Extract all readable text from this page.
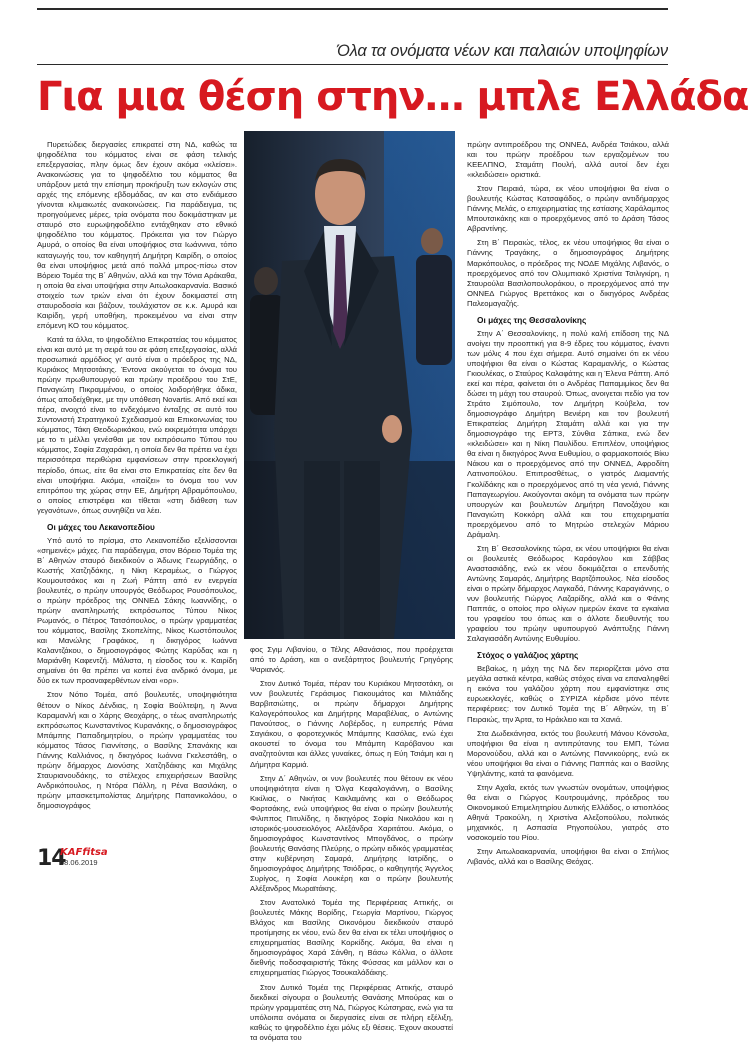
Όλα τα ονόματα νέων και παλαιών υποψηφίων
Για μια θέση στην… μπλε Ελλάδα

Πυρετώδεις διεργασίες επικρατεί στη ΝΔ, καθώς τα ψηφοδέλτια του κόμματος είναι σε φάση τελικής επεξεργασίας, πλην όμως δεν έχουν ακόμα «κλείσει». Ανακοινώσεις για το ψηφοδέλτιο του κόμματος θα υπάρξουν μετά την επίσημη προκήρυξη των εκλογών στις αρχές της επόμενης εβδομάδας, αν και στο ενδιάμεσο γίνονται κλιμακωτές ανακοινώσεις. Για παράδειγμα, τις προηγούμενες μέρες, τρία ονόματα που δοκιμάστηκαν με σταυρό στο ευρωψηφοδέλτιο εντάχθηκαν στο εθνικό ψηφοδέλτιο του κόμματος. Πρόκειται για τον Γιώργο Αμυρά, ο οποίος θα είναι υποψήφιος στα Ιωάννινα, τόπο καταγωγής του, τον καθηγητή Δημήτρη Καιρίδη, ο οποίος θα είναι υποψήφιος μετά από πολλά μπρος-πίσω στον Βόρειο Τομέα της Β΄ Αθηνών, αλλά και την Τόνια Αράκαθα, η οποία θα είναι υποψήφια στην Αιτωλοακαρνανία. Βασικό στοιχείο των τριών είναι ότι έχουν δοκιμαστεί στη σταυροδοσία και βάζουν, τουλάχιστον σε κ.κ. Αμυρά και Καιρίδη, γερή υποθήκη, προκειμένου να είναι στην επόμενη ΚΟ του κόμματος.

Κατά τα άλλα, το ψηφοδέλτιο Επικρατείας του κόμματος είναι και αυτό με τη σειρά του σε φάση επεξεργασίας, αλλά προσωπικά αρμόδιος γι' αυτό είναι ο πρόεδρος της ΝΔ, Κυριάκος Μητσοτάκης. Έντονα ακούγεται το όνομα του πρώην πρωθυπουργού και πρώην προέδρου του ΣτΕ, Παναγιώτη Πικραμμένου, ο οποίος λοιδορήθηκε άδικα, όπως αποδείχθηκε, με την υπόθεση Novartis. Από εκεί και πέρα, ανοιχτό είναι το ενδεχόμενο ένταξης σε αυτό του Συντονιστή Στρατηγικού Σχεδιασμού και Επικοινωνίας του κόμματος, Τάκη Θεοδωρικάκου, ενώ εκκρεμότητα υπάρχει με το τι μέλλει γενέσθαι με τον εκπρόσωπο Τύπου του κόμματος, Σοφία Ζαχαράκη, η οποία δεν θα πρέπει να έχει περισσότερα περιθώρια εμφανίσεων στην προεκλογική περίοδο, όπως, είτε θα είναι στο Επικρατείας είτε δεν θα είναι υποψήφια. Ακόμα, «παίζει» το όνομα του νυν επιτρόπου της χώρας στην ΕΕ, Δημήτρη Αβραμόπουλου, ο οποίος επιστρέφει και τίθεται «στη διάθεση των γεγονότων», όπως συνηθίζει να λέει.

Οι μάχες του Λεκανοπεδίου

Υπό αυτό το πρίσμα, στο Λεκανοπέδιο εξελίσσονται «σημεινές» μάχες. Για παράδειγμα, στον Βόρειο Τομέα της Β΄ Αθηνών σταυρό διεκδικούν ο Άδωνις Γεωργιάδης, ο Κωστής Χατζηδάκης, η Νίκη Κεραμέως, ο Γιώργος Κουμουτσάκος και η Ζωή Ράπτη από εν ενεργεία βουλευτές, ο πρώην υπουργός Θεόδωρος Ρουσόπουλος, ο πρώην πρόεδρος της ΟΝΝΕΔ Σάκης Ιωαννίδης, ο πρώην αναπληρωτής εκπρόσωπος Τύπου Νίκος Ρωμανός, ο Πέτρος Τατσόπουλος, ο πρώην γραμματέας του κόμματος, Βασίλης Σκοπελίτης, Νίκος Κωστόπουλος και Μανώλης Γραφάκος, η δικηγόρος Ιωάννα Καλαντζάκου, ο δημοσιογράφος Φώτης Καρύδας και η Μαριάνθη Καφεντζή. Μάλιστα, η είσοδος του κ. Καιρίδη σημαίνει ότι θα πρέπει να κοπεί ένα ανδρικό όνομα, με δύο εκ των προαναφερθέντων είναι «ορ».

Στον Νότιο Τομέα, από βουλευτές, υποψηφιότητα θέτουν ο Νίκος Δένδιας, η Σοφία Βούλτεψη, η Άννα Καραμανλή και ο Χάρης Θεοχάρης, ο τέως αναπληρωτής εκπρόσωπος Κωνσταντίνος Κυρανάκης, ο δημοσιογράφος Μπάμπης Παπαδημητρίου, ο πρώην γραμματέας του κόμματος Τάσος Γιαννίτσης, ο Βασίλης Σπανάκης και Γιάννης Καλλιάνος, η δικηγόρος Ιωάννα Γκελεστάθη, ο πρώην δήμαρχος Διονύσης Χατζηδάκης και Μιχάλης Σταυριανουδάκης, το στέλεχος επιχειρήσεων Βασίλης Ανδρικόπουλος, η Ντόρα Πάλλη, η Ρένα Βασιλάκη, ο πρώην μπασκετμπολίστας Δημήτρης Παπανικολάου, ο δημοσιογράφος

φος Σγιμ Λιβανίου, ο Τέλης Αθανάσιος, που προέρχεται από το Δράση, και ο ανεξάρτητος βουλευτής Γρηγόρης Ψαριανός.

Στον Δυτικό Τομέα, πέραν του Κυριάκου Μητσοτάκη, οι νυν βουλευτές Γεράσιμος Γιακουμάτος και Μιλτιάδης Βαρβιτσιώτης, οι πρώην δήμαρχοι Δημήτρης Καλογερόπουλος και Δημήτρης Μαραβέλιας, ο Αντώνης Πανούτσος, ο Γιάννης Λοβέρδος, η ευπρεπής Ράνια Σαγιάκου, ο φοροτεχνικός Μπάμπης Κασόλας, ενώ έχει ακουστεί το όνομα του Μπάμπη Καρόβανου και αναζητούνται και άλλες γυναίκες, όπως η Εύη Τσιάμη και η Δήμητρα Καρμιά.

Στην Δ΄ Αθηνών, οι νυν βουλευτές που θέτουν εκ νέου υποψηφιότητα είναι η Όλγα Κεφαλογιάννη, ο Βασίλης Κικίλιας, ο Νικήτας Κακλαμάνης και ο Θεόδωρος Φορτσάκης, ενώ υποψήφιος θα είναι ο πρώην βουλευτής Φιλιππος Πιτυλίδης, η δικηγόρος Σοφία Νικολάου και η ιστορικός-μουσειολόγος Αλεξάνδρα Χαριτάτου. Ακόμα, ο δημοσιογράφος Κωνσταντίνος Μπογδάνος, ο πρώην βουλευτής Θανάσης Πλεύρης, ο πρώην ειδικός γραμματέας στην κυβέρνηση Σαμαρά, Δημήτρης Ιατρίδης, ο δημοσιογράφος Δημήτρης Τσιόδρας, ο καθηγητής Άγγελος Συρίγος, η Σοφία Λουκέρη και ο πρώην βουλευτής Αλέξανδρος Μωραϊτάκης.

Στον Ανατολικό Τομέα της Περιφέρειας Αττικής, οι βουλευτές Μάκης Βορίδης, Γεωργία Μαρτίνου, Γιώργος Βλάχος και Βασίλης Οικονόμου διεκδικούν σταυρό προτίμησης εκ νέου, ενώ δεν θα είναι εκ τέλει υποψήφιος ο επιχειρηματίας Βασίλης Κορκίδης. Ακόμα, θα είναι η δημοσιογράφος Χαρά Σάνθη, η Βάσω Κόλλια, ο άλλοτε διεθνής ποδοσφαιριστής Τάκης Φύσσας και μάλλον και ο επιχειρηματίας Γιώργος Τσουκαλάδάκης.

Στον Δυτικό Τομέα της Περιφέρειας Αττικής, σταυρό διεκδικεί σίγουρα ο βουλευτής Θανάσης Μπούρας και ο πρώην γραμματέας στη ΝΔ, Γιώργος Κώτσηρας, ενώ για τα υπόλοιπα ονόματα οι διεργασίες είναι σε πλήρη εξέλιξη, καθώς το ψηφοδέλτιο έχει μόλις εξι θέσεις. Έχουν ακουστεί τα ονόματα του

πρώην αντιπροέδρου της ΟΝΝΕΔ, Ανδρέα Τσιάκου, αλλά και του πρώην προέδρου των εργαζομένων του ΚΕΕΛΠΝΟ, Σταμάτη Πουλή, αλλά αυτοί δεν έχει «κλειδώσει» οριστικά.

Στον Πειραιά, τώρα, εκ νέου υποψήφιοι θα είναι ο βουλευτής Κώστας Κατσαφάδος, ο πρώην αντιδήμαρχος Γιάννης Μελάς, ο επιχειρηματίας της εστίασης Χαράλαμπος Μπουτσικάκης και ο προερχόμενος από το Δράση Τάσος Αβραντίνης.

Στη Β΄ Πειραιώς, τέλος, εκ νέου υποψήφιος θα είναι ο Γιάννης Τραγάκης, ο δημοσιογράφος Δημήτρης Μαρκόπουλος, ο πρόεδρος της ΝΟΔΕ Μιχάλης Λιβανός, ο προερχόμενος από τον Ολυμπιακό Χριστίνα Τσιλιγκίρη, η Σταυρούλα Βασιλοπουλοράκου, ο προερχόμενος από την ΟΝΝΕΔ Γιώργος Βρεττάκος και ο δικηγόρος Ανδρέας Παλεομαγαζής.

Οι μάχες της Θεσσαλονίκης

Στην Α΄ Θεσσαλονίκης, η πολύ καλή επίδοση της ΝΔ ανοίγει την προοπτική για 8-9 έδρες του κόμματος, έναντι των μόλις 4 που έχει σήμερα. Αυτό σημαίνει ότι εκ νέου υποψήφιοι θα είναι ο Κώστας Καραμανλής, ο Κώστας Γκιουλέκας, ο Σταύρος Καλαφάτης και η Έλενα Ράπτη. Από εκεί και πέρα, φαίνεται ότι ο Ανδρέας Παπαμιμίκος δεν θα δώσει τη μάχη του σταυρού. Όπως, ανοιγεται πεδίο για τον Στράτο Σιμόπουλο, τον Δημήτρη Κούβελα, τον δημοσιογράφο Δημήτρη Βενιέρη και τον βουλευτή Επικρατείας Δημήτρη Σταμάτη αλλά και για την δημοσιογράφο της ΕΡΤ3, Σύνθια Σάπικα, ενώ δεν «κλειδώσει» και η Νίκη Παυλίδου. Επιπλέον, υποψήφιος θα είναι η δικηγόρος Άννα Ευθυμίου, ο φαρμακοποιός Βίκυ Νάκου και ο προερχόμενος από την ΟΝΝΕΔ, Αφροδίτη Λατινοπούλου. Επιπροσθέτως, ο γιατρός Διαμαντής Γκολίδάκης και ο προερχόμενος από τη νέα γενιά, Γιάννης Παπαγεωργίου. Ακούγονται ακόμη τα ονόματα των πρώην υπουργών και βουλευτών Δημήτρη Πανοζάχου και Παναγιώτη Κοκκόρη αλλά και του επιχειρηματία προερχόμενου από το Μητρώο στελεχών Μάριου Δράμαλη.

Στη Β΄ Θεσσαλονίκης τώρα, εκ νέου υποψήφιοι θα είναι οι βουλευτές Θεόδωρος Καράογλου και Σάββας Αναστασιάδης, ενώ εκ νέου δοκιμάζεται ο επενδυτής Αντώνης Σαμαράς, Δημήτρης Βαρτζόπουλος. Νέα είσοδος είναι ο πρώην δήμαρχος Λαγκαδά, Γιάννης Καραγιάννης, ο νυν βουλευτής Γιώργος Λαζαρίδης, αλλά και ο Φάνης Παππάς, ο οποίος προ ολίγων ημερών έκανε τα εγκαίνια του γραφείου του όπως και ο άλλοτε διευθυντής του γραφείου του πρώην υφυπουργού Ανάπτυξης Γιάννη Σαλαγιασάδη Αντώνης Ευθυμίου.

Στόχος ο γαλάζιος χάρτης

Βεβαίως, η μάχη της ΝΔ δεν περιορίζεται μόνο στα μεγάλα αστικά κέντρα, καθώς στόχος είναι να επαναληφθεί η εικόνα του γαλάζιου χάρτη που εμφανίστηκε στις ευρωεκλογές, καθώς ο ΣΥΡΙΖΑ κέρδισε μόνο πέντε περιφέρειες: τον Δυτικό Τομέα της Β΄ Αθηνών, τη Β΄ Πειραιώς, την Άρτα, το Ηράκλειο και τα Χανιά.

Στα Δωδεκάνησα, εκτός του βουλευτή Μάνου Κόνσολα, υποψήφιοι θα είναι η αντιπρύτανης του ΕΜΠ, Τώνια Μορονούδου, αλλά και ο Αντώνης Παννικούρης, ενώ εκ νέου υποψήφιοι θα είναι ο Γιάννης Παππάς και ο Βασίλης Υψηλάντης, κατά τα φαινόμενα.

Στην Αχαΐα, εκτός των γνωστών ονομάτων, υποψήφιος θα είναι ο Γιώργος Κουτρουμάνης, πρόεδρος του Οικονομικού Επιμελητηρίου Δυτικής Ελλάδος, ο ιστιοπλόος Αθηνά Τρακούλη, η Χριστίνα Αλεξοπούλου, πολιτικός μηχανικός, η Ασπασία Ρηγοπούλου, γιατρός στο νοσοκομείο του Ρίου.

Στην Αιτωλοακαρνανία, υποψήφιοι θα είναι ο Σπήλιος Λιβανός, αλλά και ο Βασίλης Θεόχας.

14
KAFfitsa
08.06.2019
